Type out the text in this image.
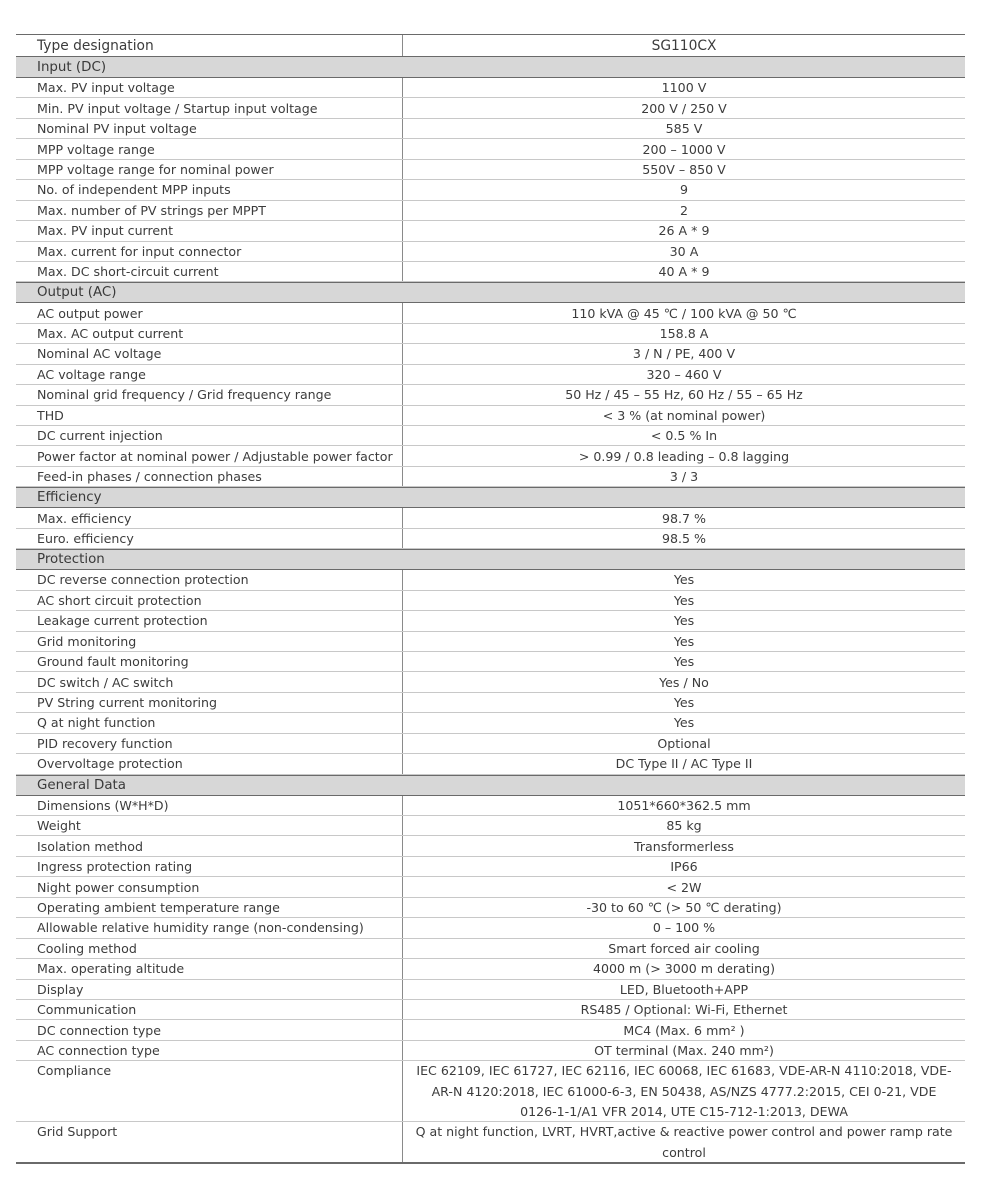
Type designation	SG110CX
Input (DC)
Max. PV input voltage	1100 V
Min. PV input voltage / Startup input voltage	200 V / 250 V
Nominal PV input voltage	585 V
MPP voltage range	200 – 1000 V
MPP voltage range for nominal power	550V – 850 V
No. of independent MPP inputs	9
Max. number of PV strings per MPPT	2
Max. PV input current	26 A * 9
Max. current for input connector	30 A
Max. DC short-circuit current	40 A * 9
Output (AC)
AC output power	110 kVA @ 45 ℃ / 100 kVA @ 50 ℃
Max. AC output current	158.8 A
Nominal AC voltage	3 / N / PE, 400 V
AC voltage range	320 – 460 V
Nominal grid frequency / Grid frequency range	50 Hz / 45 – 55 Hz, 60 Hz / 55 – 65 Hz
THD	< 3 % (at nominal power)
DC current injection	< 0.5 % In
Power factor at nominal power / Adjustable power factor	> 0.99 / 0.8 leading – 0.8 lagging
Feed-in phases / connection phases	3 / 3
Efficiency
Max. efficiency	98.7 %
Euro. efficiency	98.5 %
Protection
DC reverse connection protection	Yes
AC short circuit protection	Yes
Leakage current protection	Yes
Grid monitoring	Yes
Ground fault monitoring	Yes
DC switch / AC switch	Yes / No
PV String current monitoring	Yes
Q at night function	Yes
PID recovery function	Optional
Overvoltage protection	DC Type II / AC Type II
General Data
Dimensions (W*H*D)	1051*660*362.5 mm
Weight	85 kg
Isolation method	Transformerless
Ingress protection rating	IP66
Night power consumption	< 2W
Operating ambient temperature range	-30 to 60 ℃ (> 50 ℃ derating)
Allowable relative humidity range (non-condensing)	0 – 100 %
Cooling method	Smart forced air cooling
Max. operating altitude	4000 m (> 3000 m derating)
Display	LED, Bluetooth+APP
Communication	RS485 / Optional: Wi-Fi, Ethernet
DC connection type	MC4 (Max. 6 mm² )
AC connection type	OT terminal (Max. 240 mm²)
Compliance	IEC 62109, IEC 61727, IEC 62116, IEC 60068, IEC 61683, VDE-AR-N 4110:2018, VDE-AR-N 4120:2018, IEC 61000-6-3, EN 50438, AS/NZS 4777.2:2015, CEI 0-21, VDE 0126-1-1/A1 VFR 2014, UTE C15-712-1:2013, DEWA
Grid Support	Q at night function, LVRT, HVRT,active & reactive power control and power ramp rate control
